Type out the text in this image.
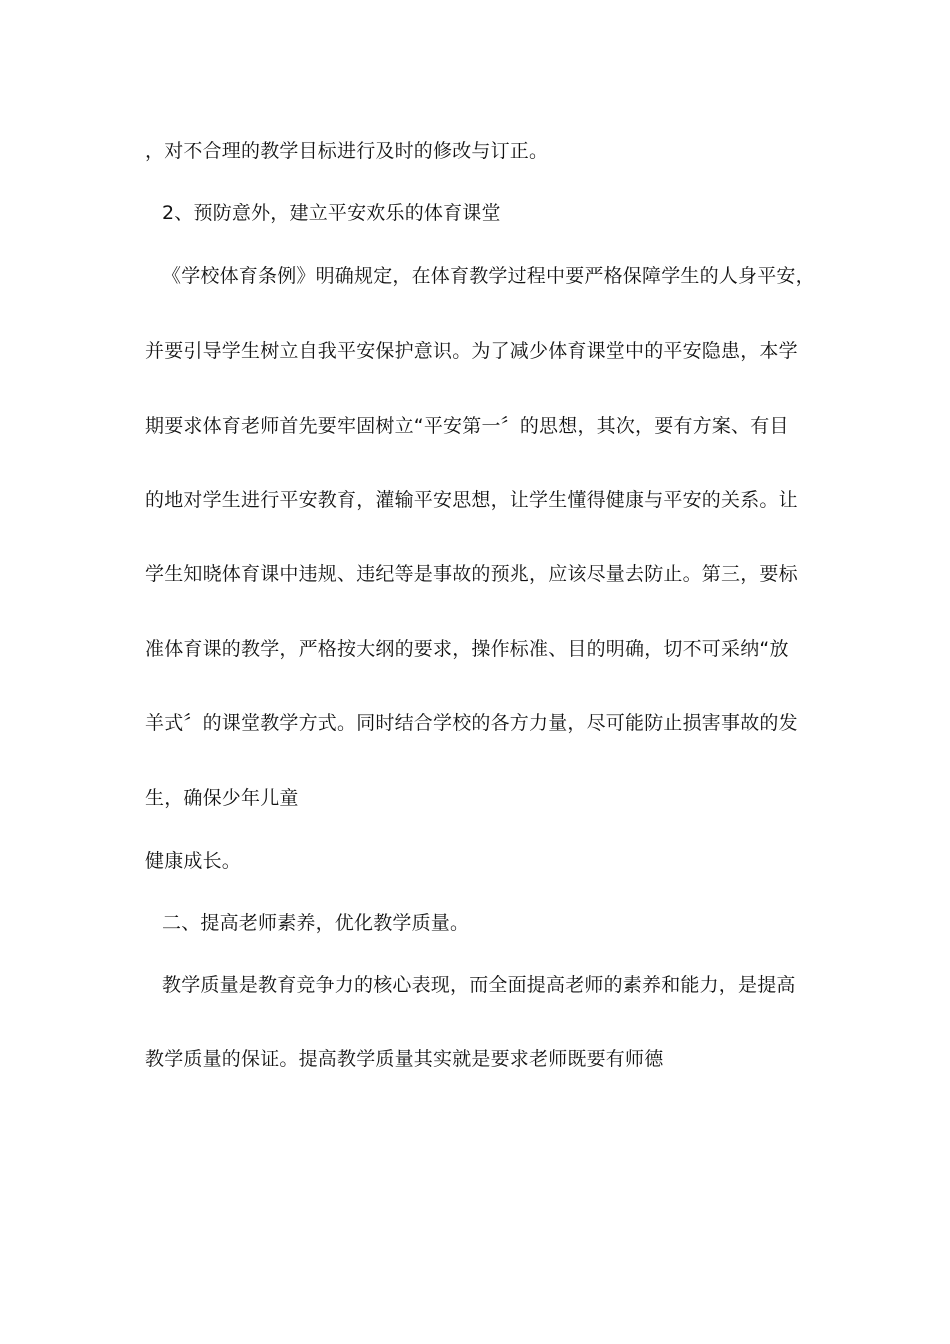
，对不合理的教学目标进行及时的修改与订正。
2、预防意外，建立平安欢乐的体育课堂
《学校体育条例》明确规定，在体育教学过程中要严格保障学生的人身平安，
并要引导学生树立自我平安保护意识。为了减少体育课堂中的平安隐患，本学
期要求体育老师首先要牢固树立“平安第一〞的思想，其次，要有方案、有目
的地对学生进行平安教育，灌输平安思想，让学生懂得健康与平安的关系。让
学生知晓体育课中违规、违纪等是事故的预兆，应该尽量去防止。第三，要标
准体育课的教学，严格按大纲的要求，操作标准、目的明确，切不可采纳“放
羊式〞的课堂教学方式。同时结合学校的各方力量，尽可能防止损害事故的发
生，确保少年儿童
健康成长。
二、提高老师素养，优化教学质量。
教学质量是教育竞争力的核心表现，而全面提高老师的素养和能力，是提高
教学质量的保证。提高教学质量其实就是要求老师既要有师德
